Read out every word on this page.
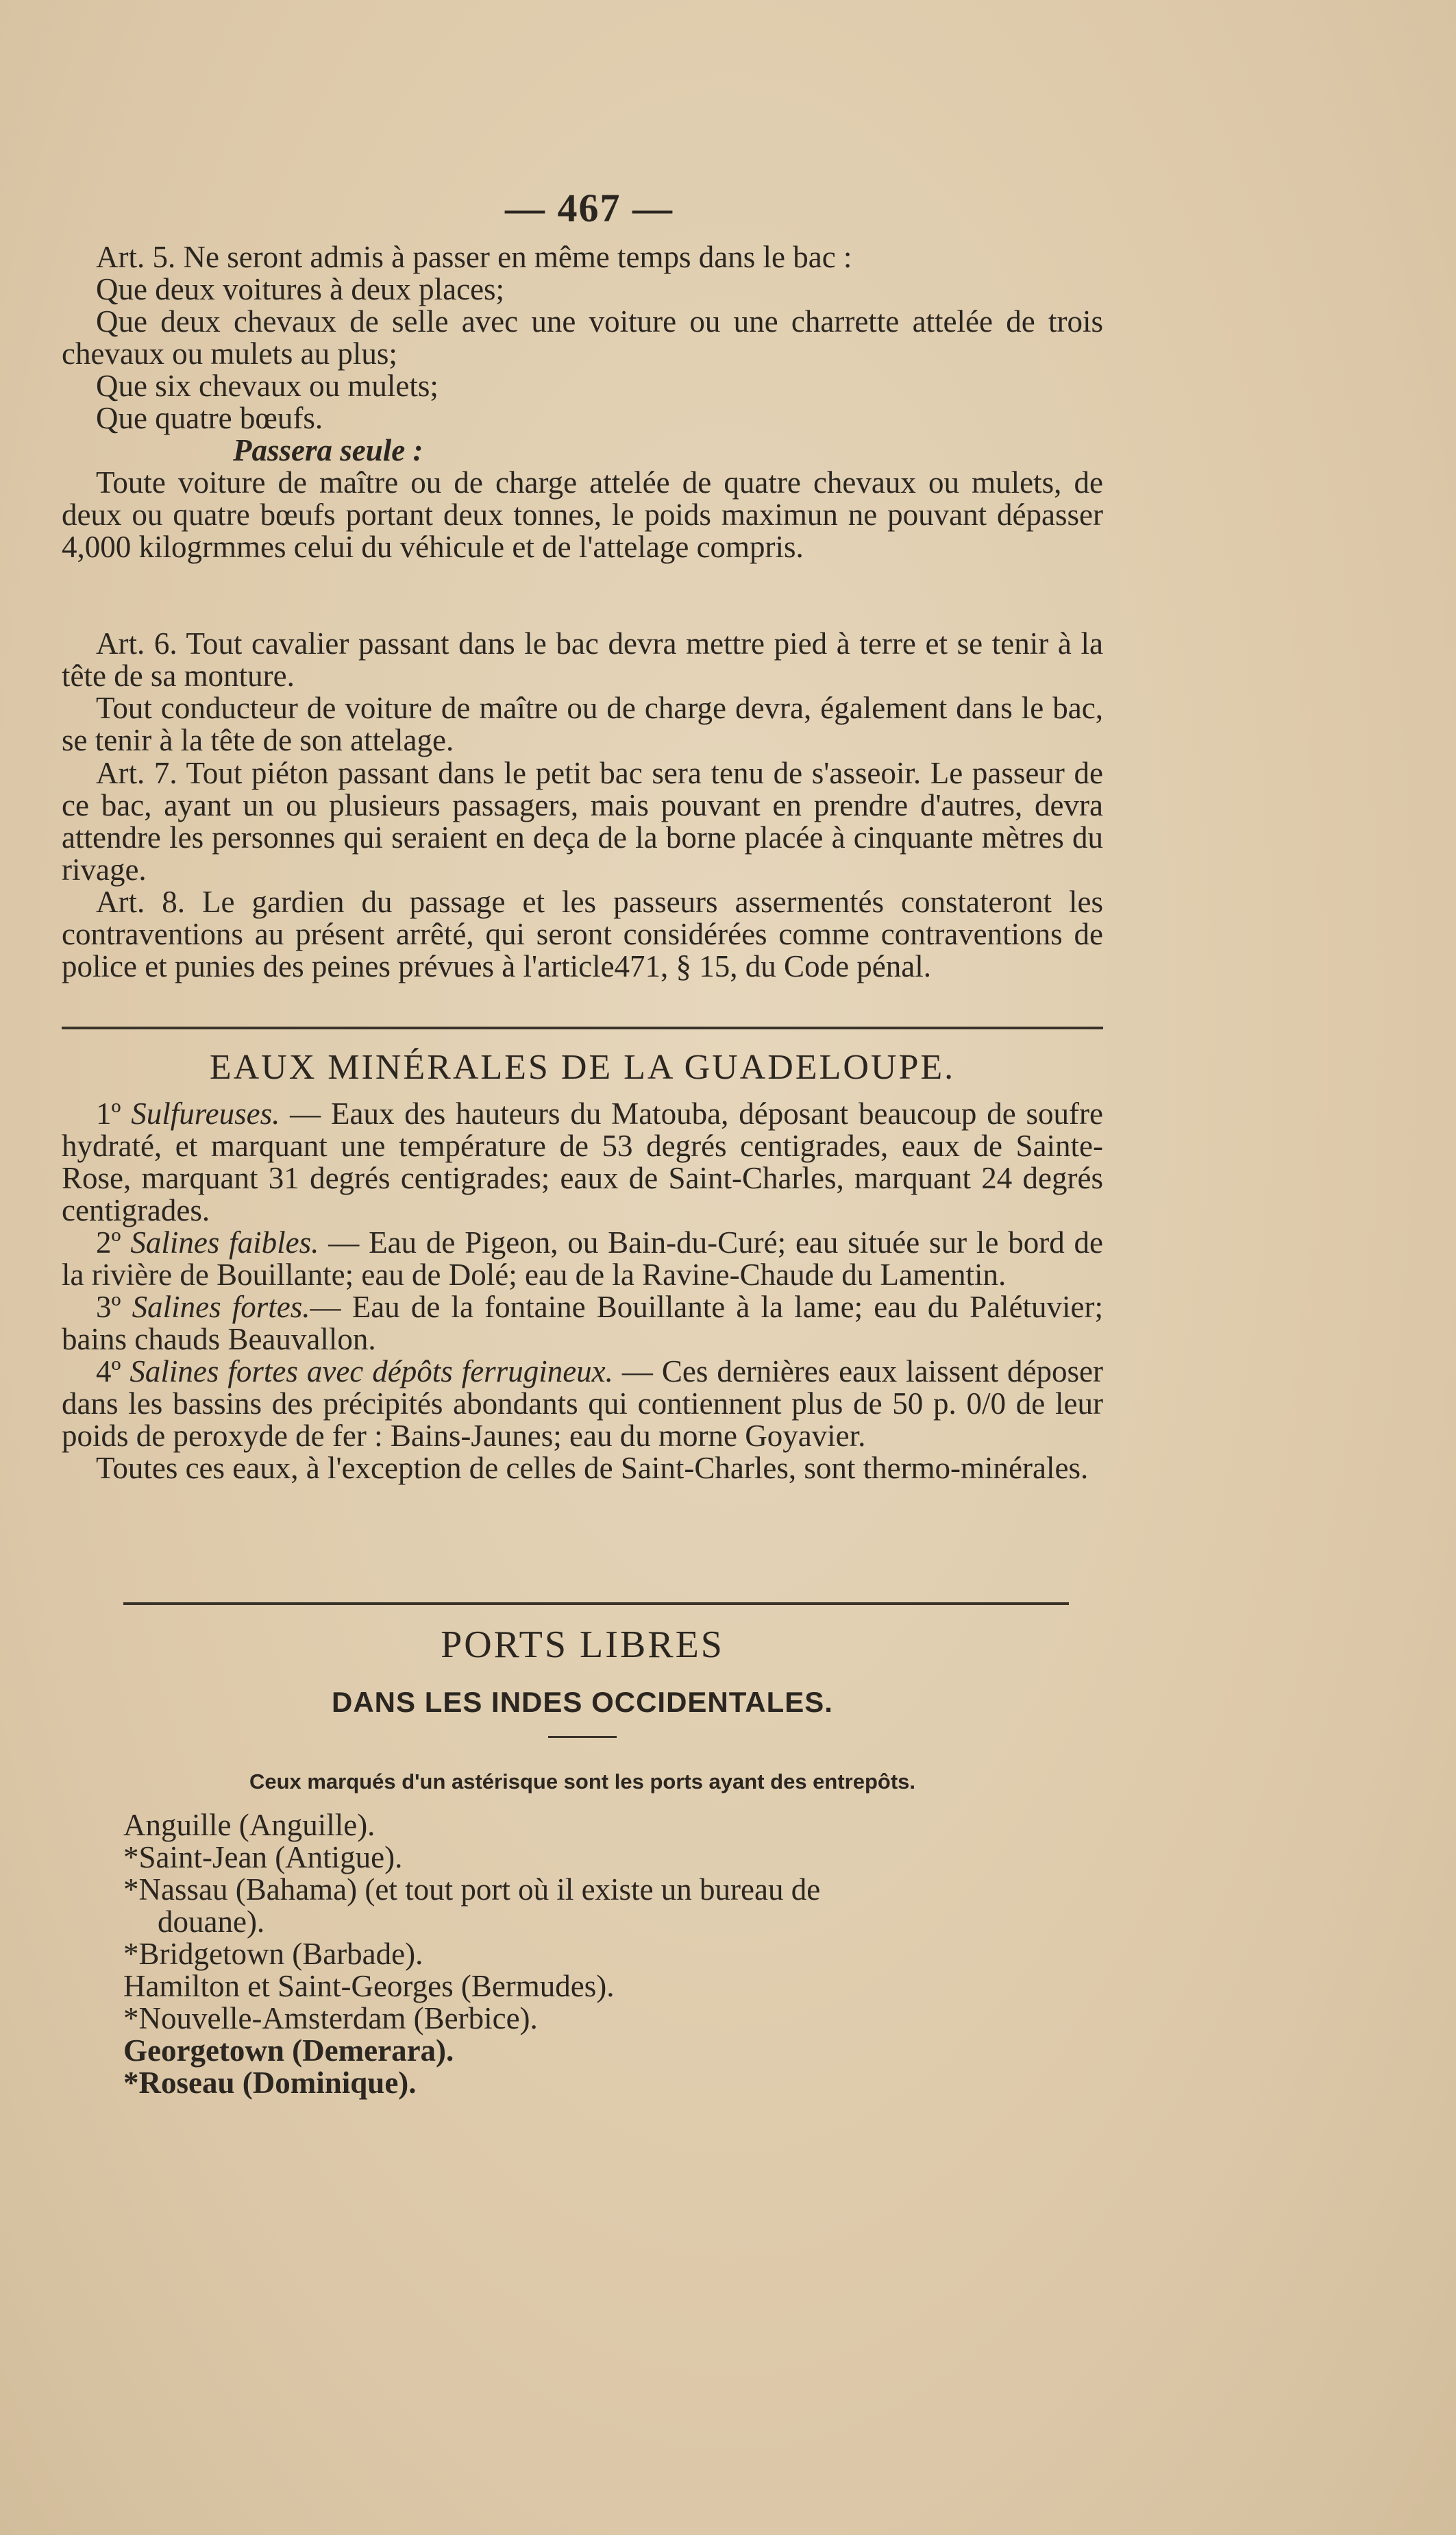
— 467 —

Art. 5. Ne seront admis à passer en même temps dans le bac :

Que deux voitures à deux places;

Que deux chevaux de selle avec une voiture ou une charrette attelée de trois chevaux ou mulets au plus;

Que six chevaux ou mulets;

Que quatre bœufs.

Passera seule :

Toute voiture de maître ou de charge attelée de quatre chevaux ou mulets, de deux ou quatre bœufs portant deux tonnes, le poids maximun ne pouvant dépasser 4,000 kilogrmmes celui du véhicule et de l'attelage compris.

Art. 6. Tout cavalier passant dans le bac devra mettre pied à terre et se tenir à la tête de sa monture.

Tout conducteur de voiture de maître ou de charge devra, également dans le bac, se tenir à la tête de son attelage.

Art. 7. Tout piéton passant dans le petit bac sera tenu de s'asseoir. Le passeur de ce bac, ayant un ou plusieurs passagers, mais pouvant en prendre d'autres, devra attendre les personnes qui seraient en deça de la borne placée à cinquante mètres du rivage.

Art. 8. Le gardien du passage et les passeurs assermentés constateront les contraventions au présent arrêté, qui seront considérées comme contraventions de police et punies des peines prévues à l'article471, § 15, du Code pénal.

EAUX MINÉRALES DE LA GUADELOUPE.

1º Sulfureuses. — Eaux des hauteurs du Matouba, déposant beaucoup de soufre hydraté, et marquant une température de 53 degrés centigrades, eaux de Sainte-Rose, marquant 31 degrés centigrades; eaux de Saint-Charles, marquant 24 degrés centigrades.

2º Salines faibles. — Eau de Pigeon, ou Bain-du-Curé; eau située sur le bord de la rivière de Bouillante; eau de Dolé; eau de la Ravine-Chaude du Lamentin.

3º Salines fortes.— Eau de la fontaine Bouillante à la lame; eau du Palétuvier; bains chauds Beauvallon.

4º Salines fortes avec dépôts ferrugineux. — Ces dernières eaux laissent déposer dans les bassins des précipités abondants qui contiennent plus de 50 p. 0/0 de leur poids de peroxyde de fer : Bains-Jaunes; eau du morne Goyavier.

Toutes ces eaux, à l'exception de celles de Saint-Charles, sont thermo-minérales.

PORTS LIBRES
DANS LES INDES OCCIDENTALES.
Ceux marqués d'un astérisque sont les ports ayant des entrepôts.

Anguille (Anguille).

*Saint-Jean (Antigue).

*Nassau (Bahama) (et tout port où il existe un bureau de

douane).

*Bridgetown (Barbade).

Hamilton et Saint-Georges (Bermudes).

*Nouvelle-Amsterdam (Berbice).

Georgetown (Demerara).

*Roseau (Dominique).
